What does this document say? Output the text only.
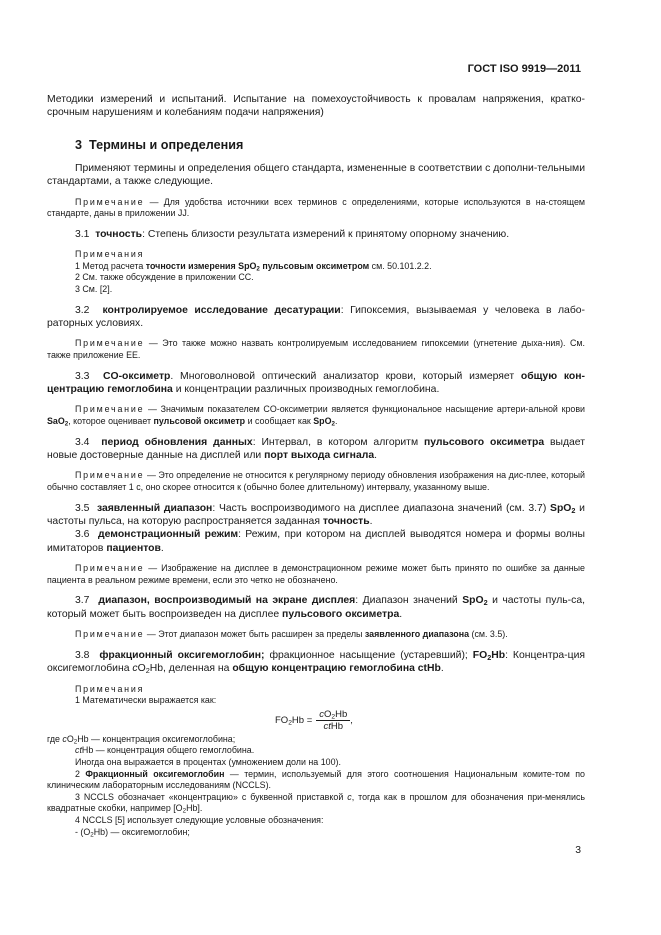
ГОСТ ISO 9919—2011

Методики измерений и испытаний. Испытание на помехоустойчивость к провалам напряжения, кратко-срочным нарушениям и колебаниям подачи напряжения)

3 Термины и определения

Применяют термины и определения общего стандарта, измененные в соответствии с дополни-тельными стандартами, а также следующие.

Примечание — Для удобства источники всех терминов с определениями, которые используются в на-стоящем стандарте, даны в приложении JJ.

3.1 точность: Степень близости результата измерений к принятому опорному значению.

Примечания
1 Метод расчета точности измерения SpO$_2$ пульсовым оксиметром см. 50.101.2.2.
2 См. также обсуждение в приложении CC.
3 См. [2].

3.2 контролируемое исследование десатурации: Гипоксемия, вызываемая у человека в лабо-раторных условиях.

Примечание — Это также можно назвать контролируемым исследованием гипоксемии (угнетение дыха-ния). См. также приложение EE.

3.3 CO-оксиметр. Многоволновой оптический анализатор крови, который измеряет общую кон-центрацию гемоглобина и концентрации различных производных гемоглобина.

Примечание — Значимым показателем CO-оксиметрии является функциональное насыщение артери-альной крови SaO$_2$, которое оценивает пульсовой оксиметр и сообщает как SpO$_2$.

3.4 период обновления данных: Интервал, в котором алгоритм пульсового оксиметра выдает новые достоверные данные на дисплей или порт выхода сигнала.

Примечание — Это определение не относится к регулярному периоду обновления изображения на дис-плее, который обычно составляет 1 с, оно скорее относится к (обычно более длительному) интервалу, указанному выше.

3.5 заявленный диапазон: Часть воспроизводимого на дисплее диапазона значений (см. 3.7) SpO$_2$ и частоты пульса, на которую распространяется заданная точность.

3.6 демонстрационный режим: Режим, при котором на дисплей выводятся номера и формы волны имитаторов пациентов.

Примечание — Изображение на дисплее в демонстрационном режиме может быть принято по ошибке за данные пациента в реальном режиме времени, если это четко не обозначено.

3.7 диапазон, воспроизводимый на экране дисплея: Диапазон значений SpO$_2$ и частоты пуль-са, который может быть воспроизведен на дисплее пульсового оксиметра.

Примечание — Этот диапазон может быть расширен за пределы заявленного диапазона (см. 3.5).

3.8 фракционный оксигемоглобин; фракционное насыщение (устаревший); $FO_2Hb$: Концентра-ция оксигемоглобина $cO_2Hb$, деленная на общую концентрацию гемоглобина ctHb.

Примечания
1 Математически выражается как:
$FO_2Hb = \frac{cO_2Hb}{\text{ctHb}}$ ,
где $cO_2Hb$ — концентрация оксигемоглобина;
ctHb — концентрация общего гемоглобина.
Иногда она выражается в процентах (умножением доли на 100).

2 Фракционный оксигемоглобин — термин, используемый для этого соотношения Национальным комите-том по клиническим лабораторным исследованиям (NCCLS).

3 NCCLS обозначает «концентрацию» с буквенной приставкой c, тогда как в прошлом для обозначения при-менялись квадратные скобки, например $[O_2Hb]$.

4 NCCLS [5] использует следующие условные обозначения:
- $(O_2Hb)$ — оксигемоглобин;
3
